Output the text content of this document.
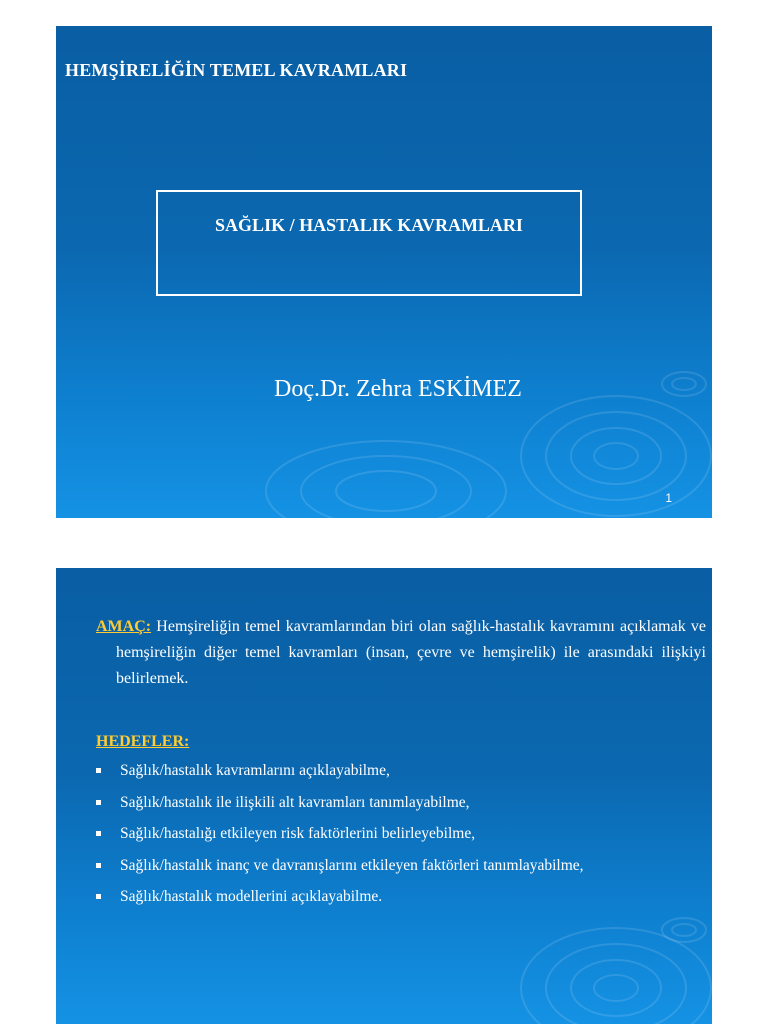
HEMŞİRELİĞİN TEMEL KAVRAMLARI
SAĞLIK / HASTALIK KAVRAMLARI
Doç.Dr. Zehra ESKİMEZ
1
AMAÇ: Hemşireliğin temel kavramlarından biri olan sağlık-hastalık kavramını açıklamak ve hemşireliğin diğer temel kavramları (insan, çevre ve hemşirelik) ile arasındaki ilişkiyi belirlemek.
HEDEFLER:
Sağlık/hastalık kavramlarını açıklayabilme,
Sağlık/hastalık ile ilişkili alt kavramları tanımlayabilme,
Sağlık/hastalığı etkileyen risk faktörlerini belirleyebilme,
Sağlık/hastalık inanç ve davranışlarını etkileyen faktörleri tanımlayabilme,
Sağlık/hastalık modellerini açıklayabilme.
